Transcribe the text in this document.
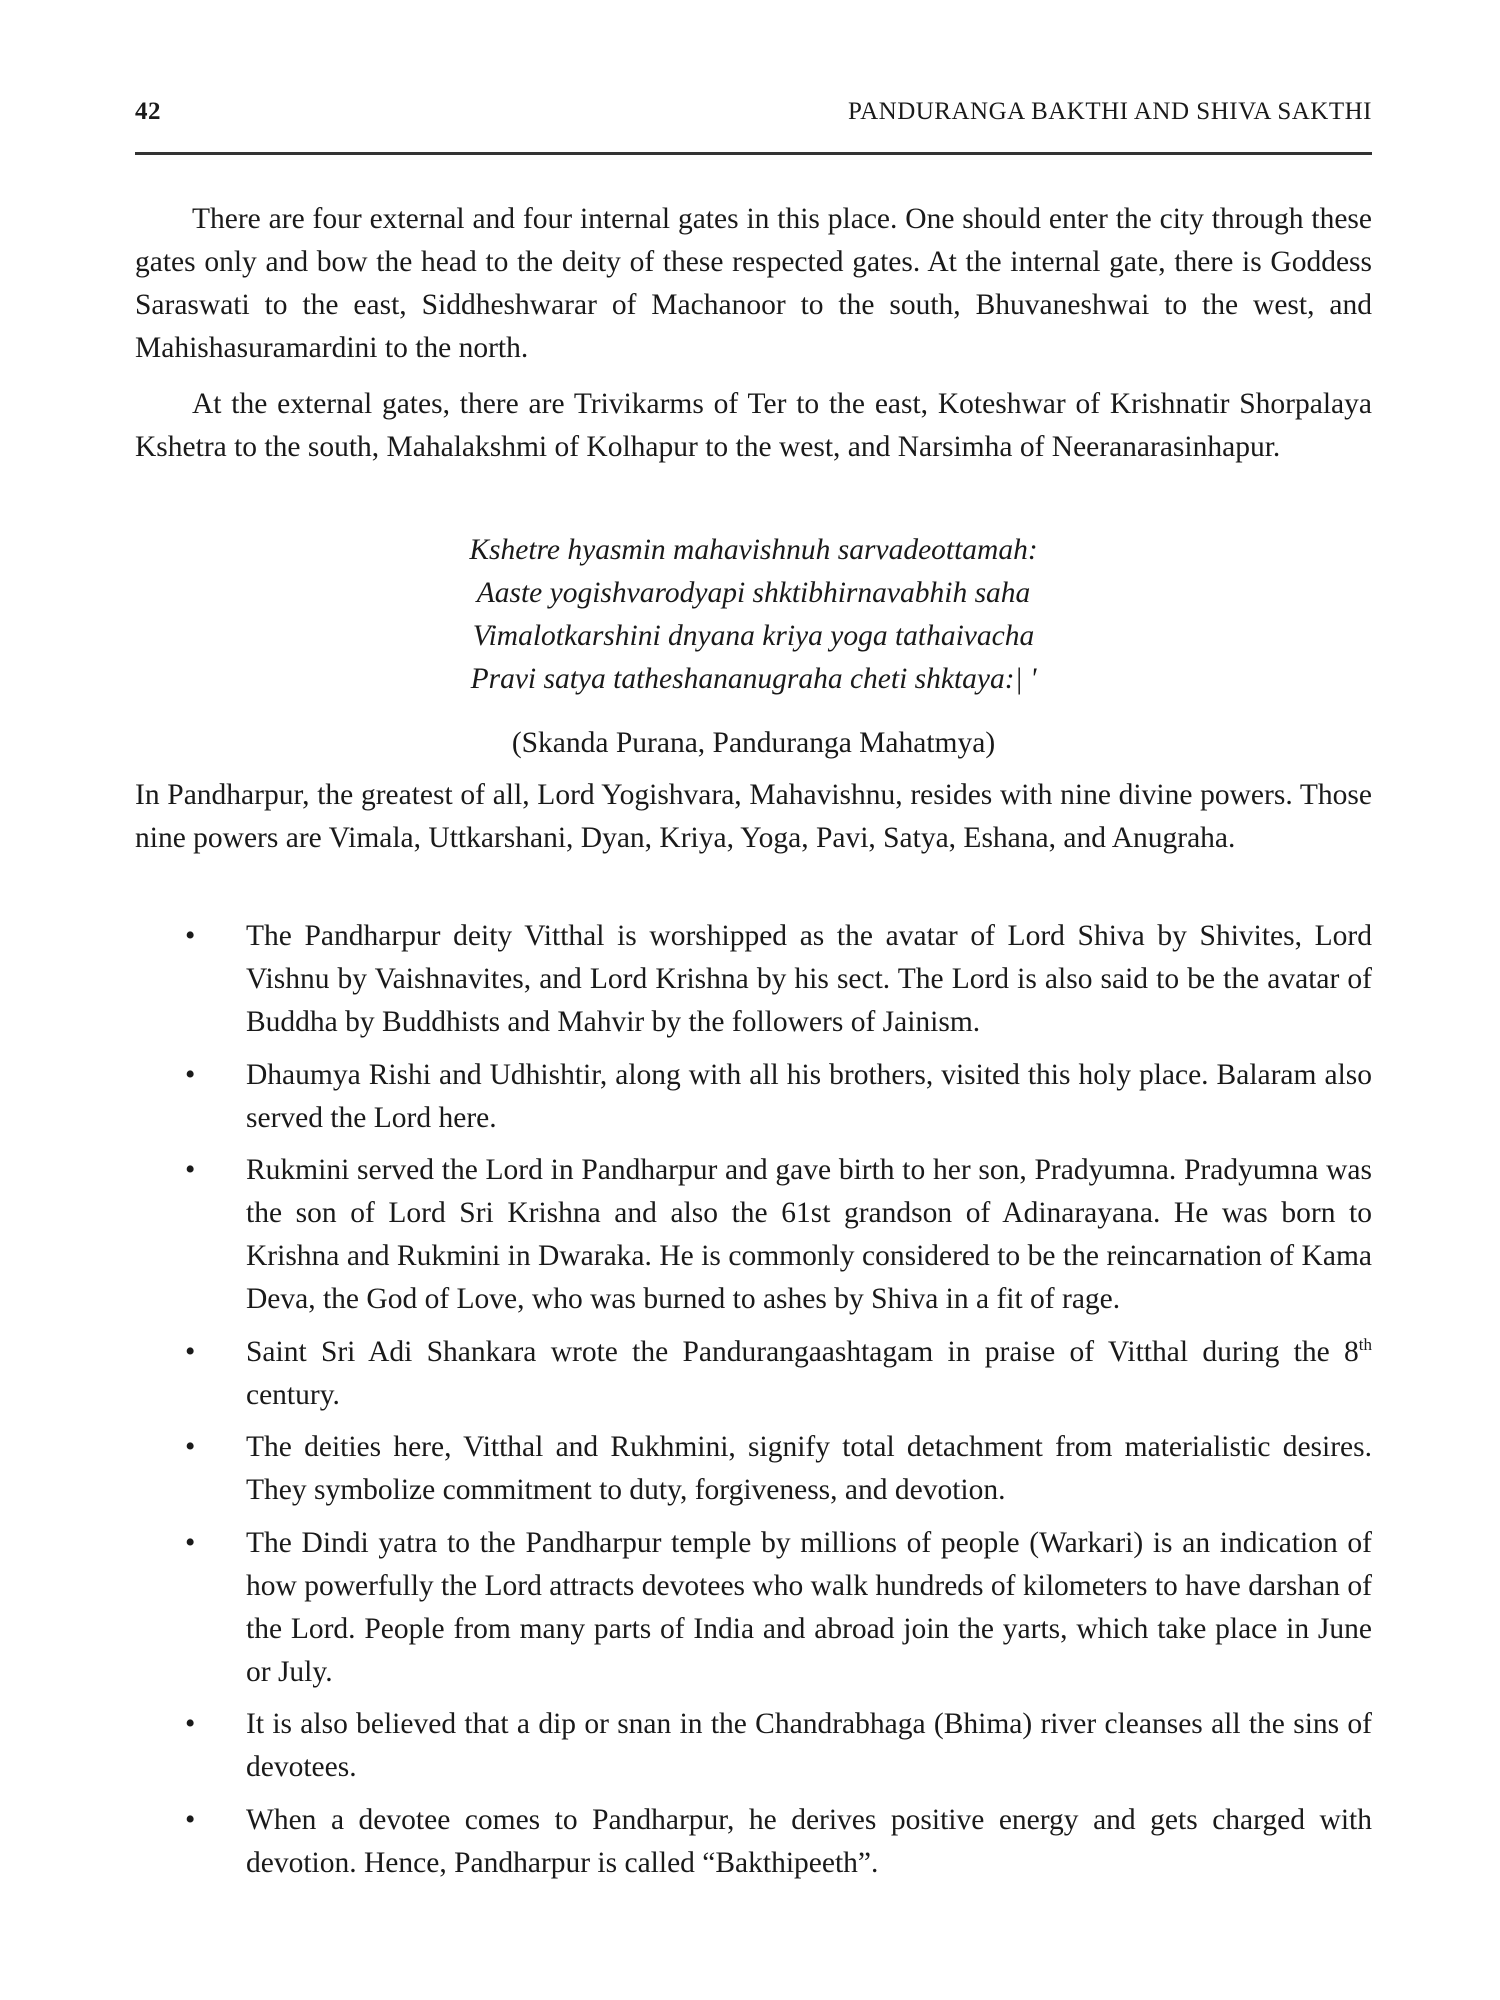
42	PANDURANGA BAKTHI AND SHIVA SAKTHI

There are four external and four internal gates in this place. One should enter the city through these gates only and bow the head to the deity of these respected gates. At the internal gate, there is Goddess Saraswati to the east, Siddheshwarar of Machanoor to the south, Bhuvaneshwai to the west, and Mahishasuramardini to the north.

At the external gates, there are Trivikarms of Ter to the east, Koteshwar of Krishnatir Shorpalaya Kshetra to the south, Mahalakshmi of Kolhapur to the west, and Narsimha of Neeranarasinhapur.

Kshetre hyasmin mahavishnuh sarvadeottamah:
Aaste yogishvarodyapi shktibhirnavabhih saha
Vimalotkarshini dnyana kriya yoga tathaivacha
Pravi satya tatheshananugraha cheti shktaya:| '
(Skanda Purana, Panduranga Mahatmya)

In Pandharpur, the greatest of all, Lord Yogishvara, Mahavishnu, resides with nine divine powers. Those nine powers are Vimala, Uttkarshani, Dyan, Kriya, Yoga, Pavi, Satya, Eshana, and Anugraha.

• The Pandharpur deity Vitthal is worshipped as the avatar of Lord Shiva by Shivites, Lord Vishnu by Vaishnavites, and Lord Krishna by his sect. The Lord is also said to be the avatar of Buddha by Buddhists and Mahvir by the followers of Jainism.
• Dhaumya Rishi and Udhishtir, along with all his brothers, visited this holy place. Balaram also served the Lord here.
• Rukmini served the Lord in Pandharpur and gave birth to her son, Pradyumna. Pradyumna was the son of Lord Sri Krishna and also the 61st grandson of Adinarayana. He was born to Krishna and Rukmini in Dwaraka. He is commonly considered to be the reincarnation of Kama Deva, the God of Love, who was burned to ashes by Shiva in a fit of rage.
• Saint Sri Adi Shankara wrote the Pandurangaashtagam in praise of Vitthal during the 8th century.
• The deities here, Vitthal and Rukhmini, signify total detachment from materialistic desires. They symbolize commitment to duty, forgiveness, and devotion.
• The Dindi yatra to the Pandharpur temple by millions of people (Warkari) is an indication of how powerfully the Lord attracts devotees who walk hundreds of kilometers to have darshan of the Lord. People from many parts of India and abroad join the yarts, which take place in June or July.
• It is also believed that a dip or snan in the Chandrabhaga (Bhima) river cleanses all the sins of devotees.
• When a devotee comes to Pandharpur, he derives positive energy and gets charged with devotion. Hence, Pandharpur is called “Bakthipeeth”.
